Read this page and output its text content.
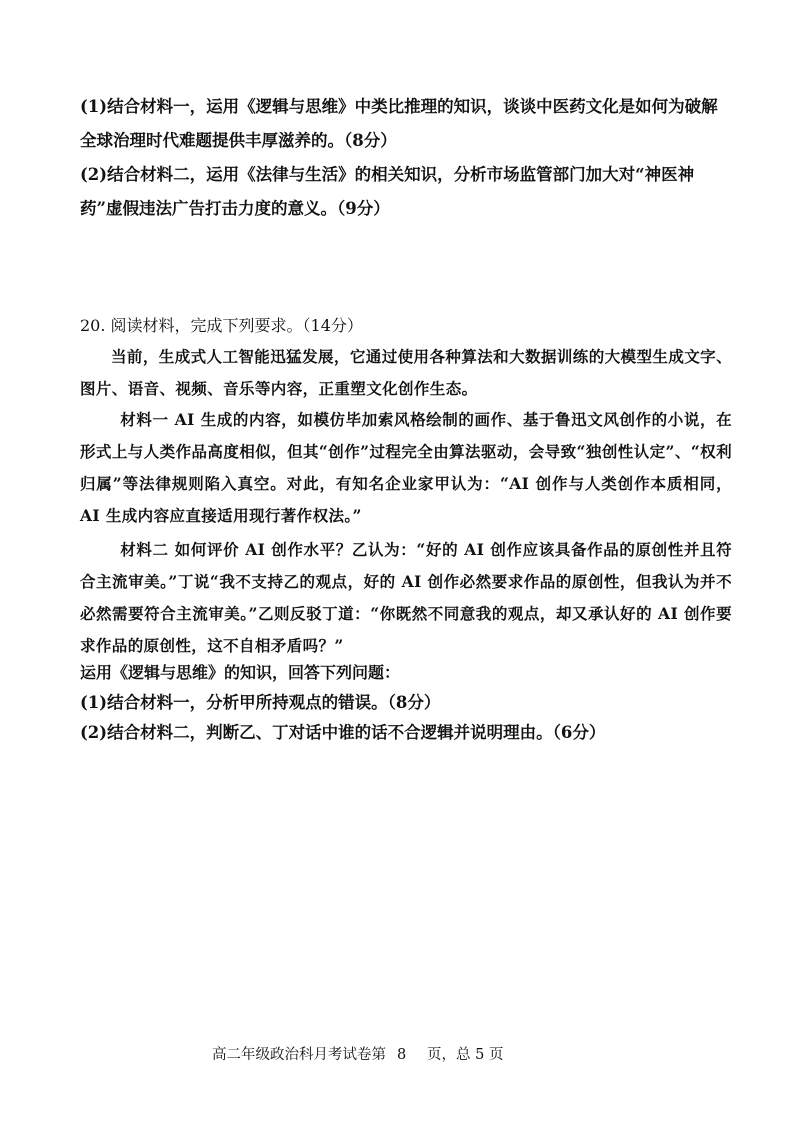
(1)结合材料一，运用《逻辑与思维》中类比推理的知识，谈谈中医药文化是如何为破解全球治理时代难题提供丰厚滋养的。（8分）

(2)结合材料二，运用《法律与生活》的相关知识，分析市场监管部门加大对“神医神药”虚假违法广告打击力度的意义。（9分）

20. 阅读材料，完成下列要求。（14分）

当前，生成式人工智能迅猛发展，它通过使用各种算法和大数据训练的大模型生成文字、图片、语音、视频、音乐等内容，正重塑文化创作生态。

材料一 AI 生成的内容，如模仿毕加索风格绘制的画作、基于鲁迅文风创作的小说，在形式上与人类作品高度相似，但其“创作”过程完全由算法驱动，会导致“独创性认定”、“权利归属”等法律规则陷入真空。对此，有知名企业家甲认为：“AI 创作与人类创作本质相同，AI 生成内容应直接适用现行著作权法。”

材料二 如何评价 AI 创作水平？乙认为：“好的 AI 创作应该具备作品的原创性并且符合主流审美。”丁说“我不支持乙的观点，好的 AI 创作必然要求作品的原创性，但我认为并不必然需要符合主流审美。”乙则反驳丁道：“你既然不同意我的观点，却又承认好的 AI 创作要求作品的原创性，这不自相矛盾吗？”

运用《逻辑与思维》的知识，回答下列问题：

(1)结合材料一，分析甲所持观点的错误。（8分）

(2)结合材料二，判断乙、丁对话中谁的话不合逻辑并说明理由。（6分）

高二年级政治科月考试卷第 8 页，总 5 页
